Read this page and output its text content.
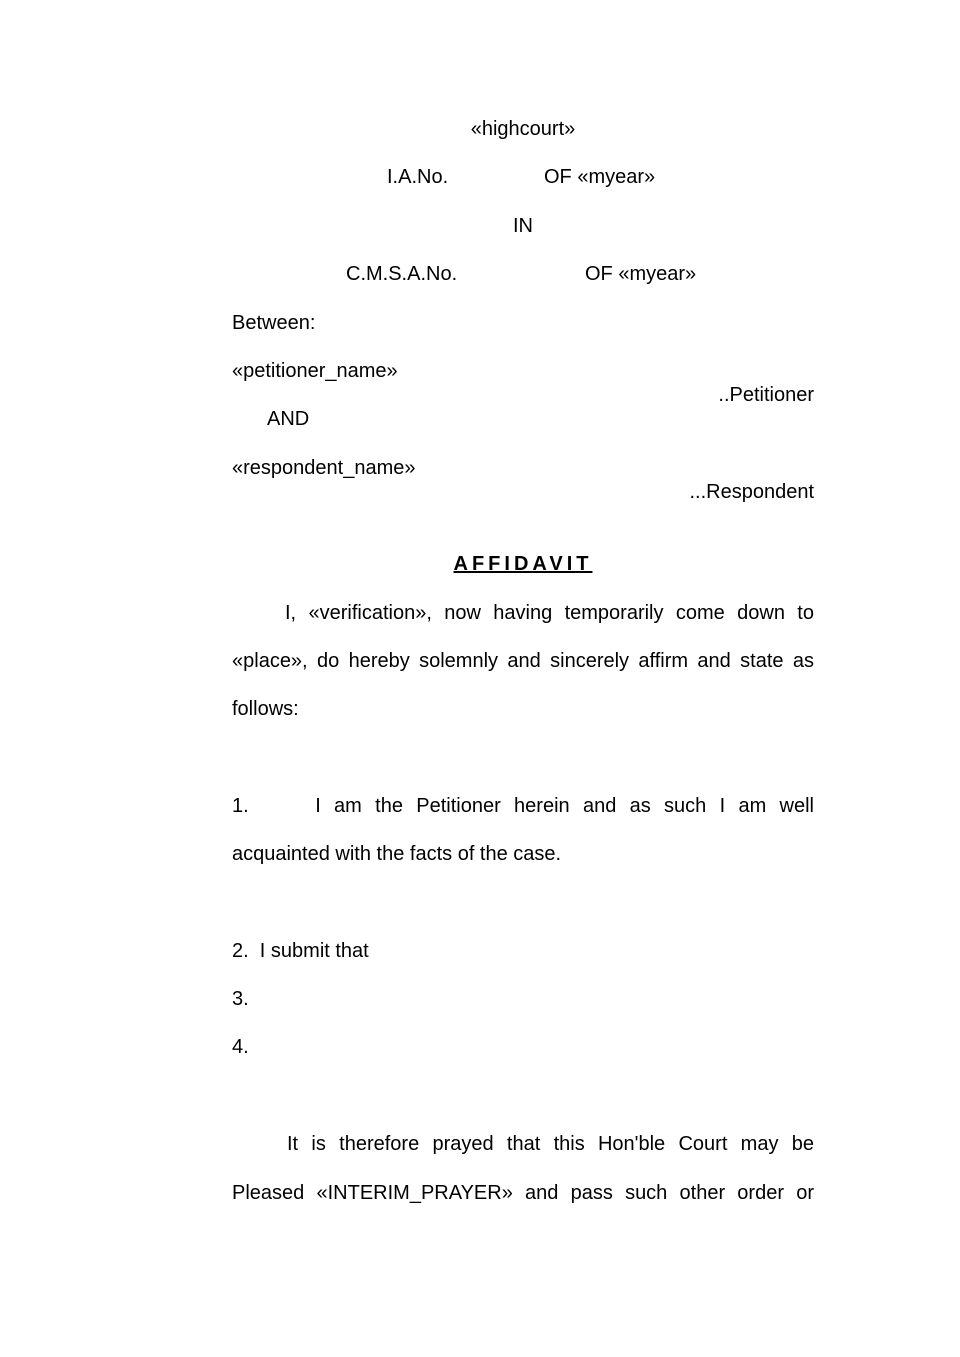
«highcourt»
I.A.No.	OF «myear»
IN
C.M.S.A.No.	OF «myear»
Between:
«petitioner_name»
..Petitioner
AND
«respondent_name»
...Respondent
AFFIDAVIT
I, «verification», now having temporarily come down to
«place», do hereby solemnly and sincerely affirm and state as
follows:
1.     I am the Petitioner herein and as such I am well
acquainted with the facts of the case.
2.  I submit that
3.
4.
It is therefore prayed that this Hon'ble Court may be
Pleased «INTERIM_PRAYER» and pass such other order or
